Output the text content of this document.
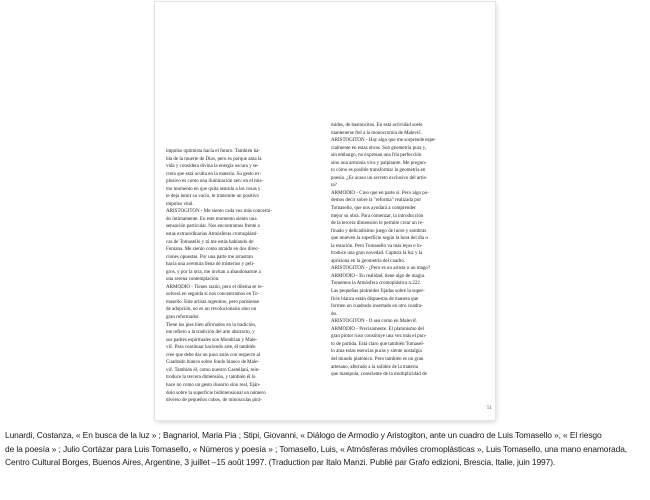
impulso optimista hacia el futuro. También ha-
bla de la muerte de Dios, pero es porque ama la
vida y considera divina la energía oscura y se-
creta que está oculta en la materia. Su gesto ex-
plosivo es como una iluminación zen: en el mis-
mo momento en que quita sentido a las cosas y
te deja intuir su vacío, te transmite un positivo
impulso vital.
ARISTOGITON - Me siento cada vez más concerni-
do íntimamente. En este momento siento una
sensación particular. Nos encontramos frente a
estas extraordinarias Atmósferas cromoplásti-
cas de Tomasello y tú me estás hablando de
Fontana. Me siento como atraído en dos direc-
ciones opuestas. Por una parte me arrastran
hacia una aventura llena de misterios y peli-
gros, y por la otra, me invitan a abandonarme a
una serena contemplación.
ARMODIO - Tienes razón, pero el dilema se re-
solverá en seguida si nos concentramos en To-
masello. Este artista argentino, pero parisiense
de adopción, no es un revolucionario sino un
gran reformador.
Tiene los pies bien afirmados en la tradición,
me refiero a la tradición del arte abstracto, y
sus padres espirituales son Mondrian y Male-
vič. Para continuar haciendo arte, él también
cree que debe dar un paso atrás con respecto al
Cuadrado blanco sobre fondo blanco de Male-
vič. También él, como nuestro Castellani, rein-
troduce la tercera dimensión, y también él lo
hace no como un gesto ilusorio sino real, fiján-
dolo sobre la superficie bidimensional un número
diverso de pequeños cubos, de minúsculas pirá-
mides, de bastoncitos. En esta actividad suele
mantenerse fiel a la monocromía de Malevič.
ARISTOGITON - Hay algo que me sorprende espe-
cialmente en estas obras. Son geometría pura y,
sin embargo, no expresan una fría perfección
sino una armonía viva y palpitante. Me pregun-
to cómo es posible transformar la geometría en
poesía. ¿Es acaso un secreto exclusivo del artis-
ta?
ARMODIO - Creo que en parte sí. Pero algo po-
demos decir sobre la "reforma" realizada por
Tomasello, que nos ayudará a comprender
mejor su obra. Para comenzar, la introducción
de la tercera dimensión le permite crear un re-
finado y delicadísimo juego de luces y sombras
que mueven la superficie según la hora del día o
la estación. Pero Tomasello va más lejos e in-
troduce una gran novedad. Captura la luz y la
aprisiona en la geometría del cuadro.
ARISTOGITON - ¿Pero es un artista o un mago?
ARMODIO - En realidad, tiene algo de magia.
Tomemos la Atmósfera cromoplástica n.222.
Las pequeñas pirámides fijadas sobre la super-
ficie blanca están dispuestas de manera que
formen un cuadrado insertado en otro cuadra-
do.
ARISTOGITON - O sea como en Malevič.
ARMODIO - Precisamente. El platonismo del
gran pintor ruso constituye una vez más el pun-
to de partida. Está claro que también Tomasel-
lo ama estas esencias puras y siente nostalgia
del mundo platónico. Pero también es un gran
artesano, aferrado a la solidez de la materia
que manipula, consciente de la multiplicidad de
51
Lunardi, Costanza, « En busca de la luz » ; Bagnariol, Maria Pia ; Stipi, Giovanni, « Diálogo de Armodio y Aristogiton, ante un cuadro de Luis Tomasello », « El riesgo
de la poesía » ; Julio Cortázar para Luis Tomasello, « Números y poesía » ; Tomasello, Luis, « Atmósferas móviles cromoplásticas », Luis Tomasello, una mano enamorada,
Centro Cultural Borges, Buenos Aires, Argentine, 3 juillet –15 août 1997. (Traduction par Italo Manzi. Publié par Grafo edizioni, Brescia, Italie, juin 1997).
